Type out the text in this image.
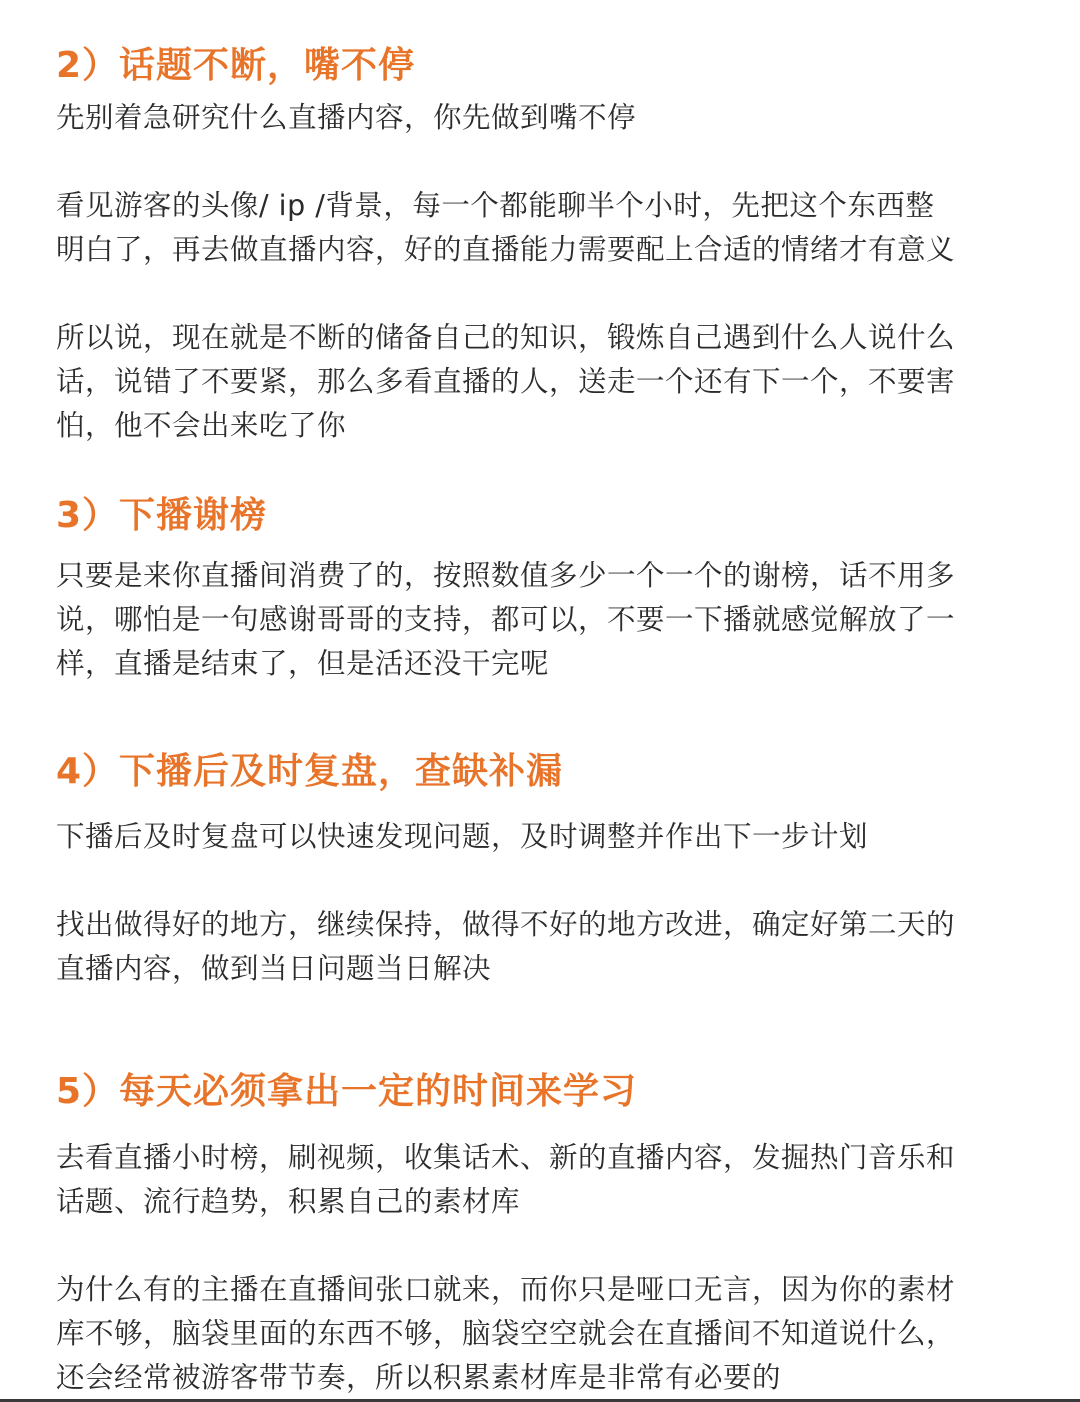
2）话题不断，嘴不停

先别着急研究什么直播内容，你先做到嘴不停

看见游客的头像/ ip /背景，每一个都能聊半个小时，先把这个东西整
明白了，再去做直播内容，好的直播能力需要配上合适的情绪才有意义

所以说，现在就是不断的储备自己的知识，锻炼自己遇到什么人说什么
话，说错了不要紧，那么多看直播的人，送走一个还有下一个，不要害
怕，他不会出来吃了你

3）下播谢榜

只要是来你直播间消费了的，按照数值多少一个一个的谢榜，话不用多
说，哪怕是一句感谢哥哥的支持，都可以，不要一下播就感觉解放了一
样，直播是结束了，但是活还没干完呢

4）下播后及时复盘，查缺补漏

下播后及时复盘可以快速发现问题，及时调整并作出下一步计划

找出做得好的地方，继续保持，做得不好的地方改进，确定好第二天的
直播内容，做到当日问题当日解决

5）每天必须拿出一定的时间来学习

去看直播小时榜，刷视频，收集话术、新的直播内容，发掘热门音乐和
话题、流行趋势，积累自己的素材库

为什么有的主播在直播间张口就来，而你只是哑口无言，因为你的素材
库不够，脑袋里面的东西不够，脑袋空空就会在直播间不知道说什么，
还会经常被游客带节奏，所以积累素材库是非常有必要的
